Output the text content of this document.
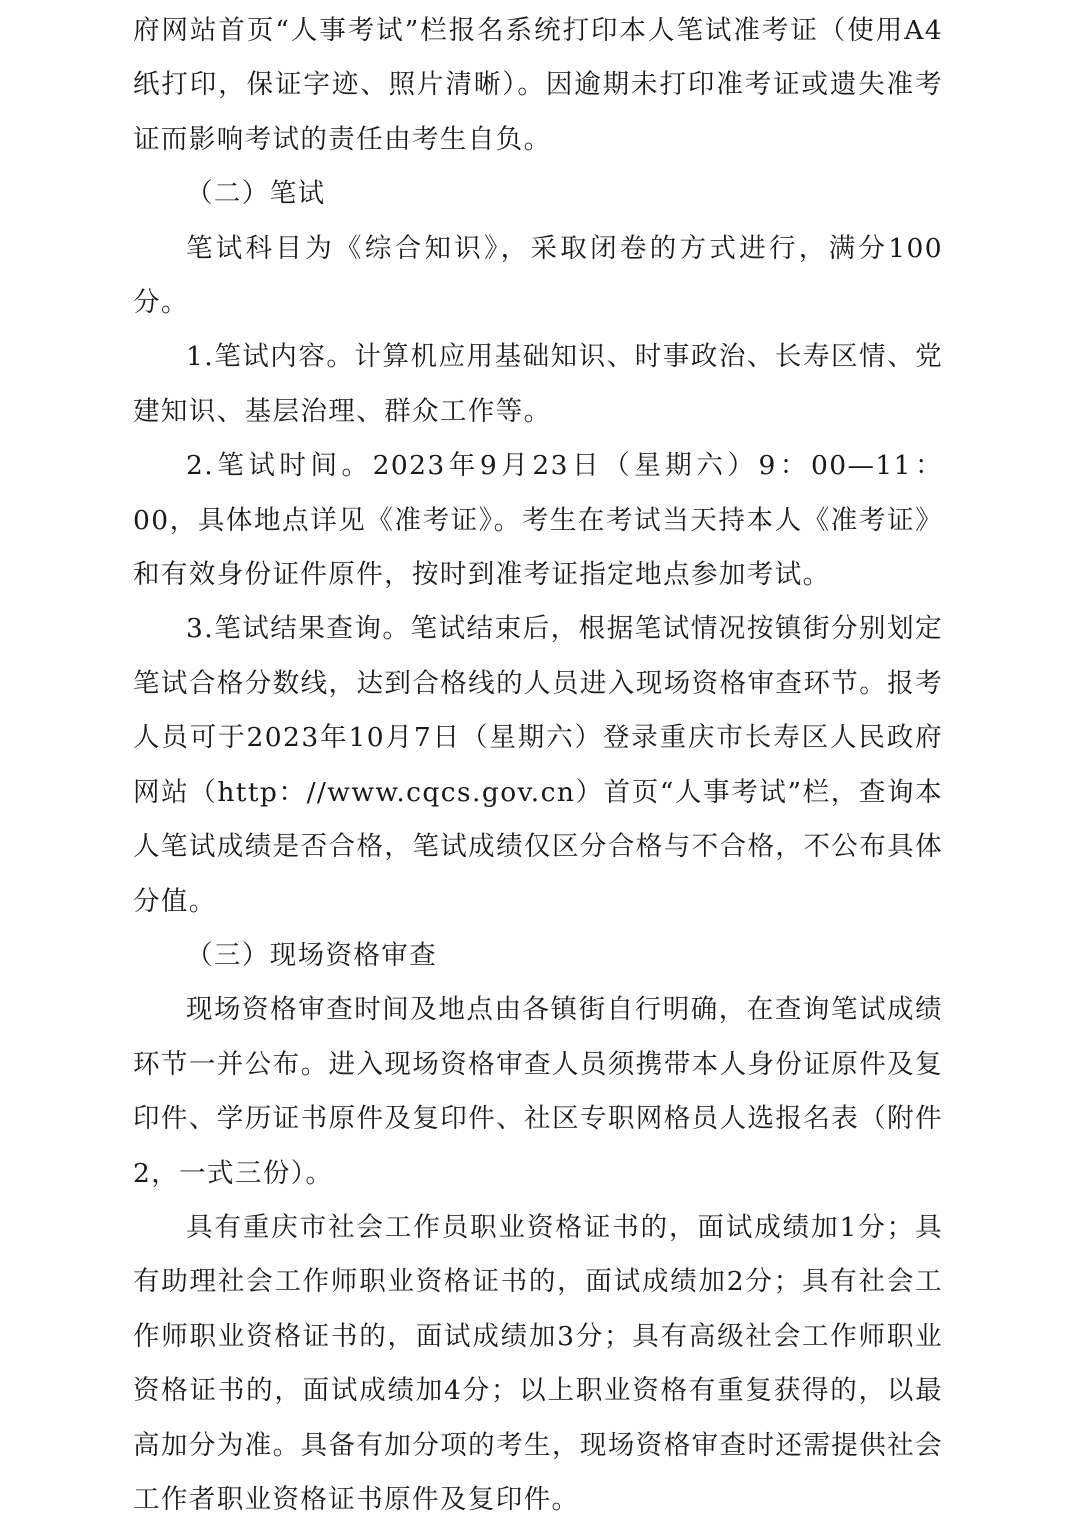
府网站首页“人事考试”栏报名系统打印本人笔试准考证（使用A4纸打印，保证字迹、照片清晰）。因逾期未打印准考证或遗失准考证而影响考试的责任由考生自负。

（二）笔试

笔试科目为《综合知识》，采取闭卷的方式进行，满分100分。

1.笔试内容。计算机应用基础知识、时事政治、长寿区情、党建知识、基层治理、群众工作等。

2.笔试时间。2023年9月23日（星期六）9：00—11：00，具体地点详见《准考证》。考生在考试当天持本人《准考证》和有效身份证件原件，按时到准考证指定地点参加考试。

3.笔试结果查询。笔试结束后，根据笔试情况按镇街分别划定笔试合格分数线，达到合格线的人员进入现场资格审查环节。报考人员可于2023年10月7日（星期六）登录重庆市长寿区人民政府网站（http：//www.cqcs.gov.cn）首页“人事考试”栏，查询本人笔试成绩是否合格，笔试成绩仅区分合格与不合格，不公布具体分值。

（三）现场资格审查

现场资格审查时间及地点由各镇街自行明确，在查询笔试成绩环节一并公布。进入现场资格审查人员须携带本人身份证原件及复印件、学历证书原件及复印件、社区专职网格员人选报名表（附件2，一式三份）。

具有重庆市社会工作员职业资格证书的，面试成绩加1分；具有助理社会工作师职业资格证书的，面试成绩加2分；具有社会工作师职业资格证书的，面试成绩加3分；具有高级社会工作师职业资格证书的，面试成绩加4分；以上职业资格有重复获得的，以最高加分为准。具备有加分项的考生，现场资格审查时还需提供社会工作者职业资格证书原件及复印件。
